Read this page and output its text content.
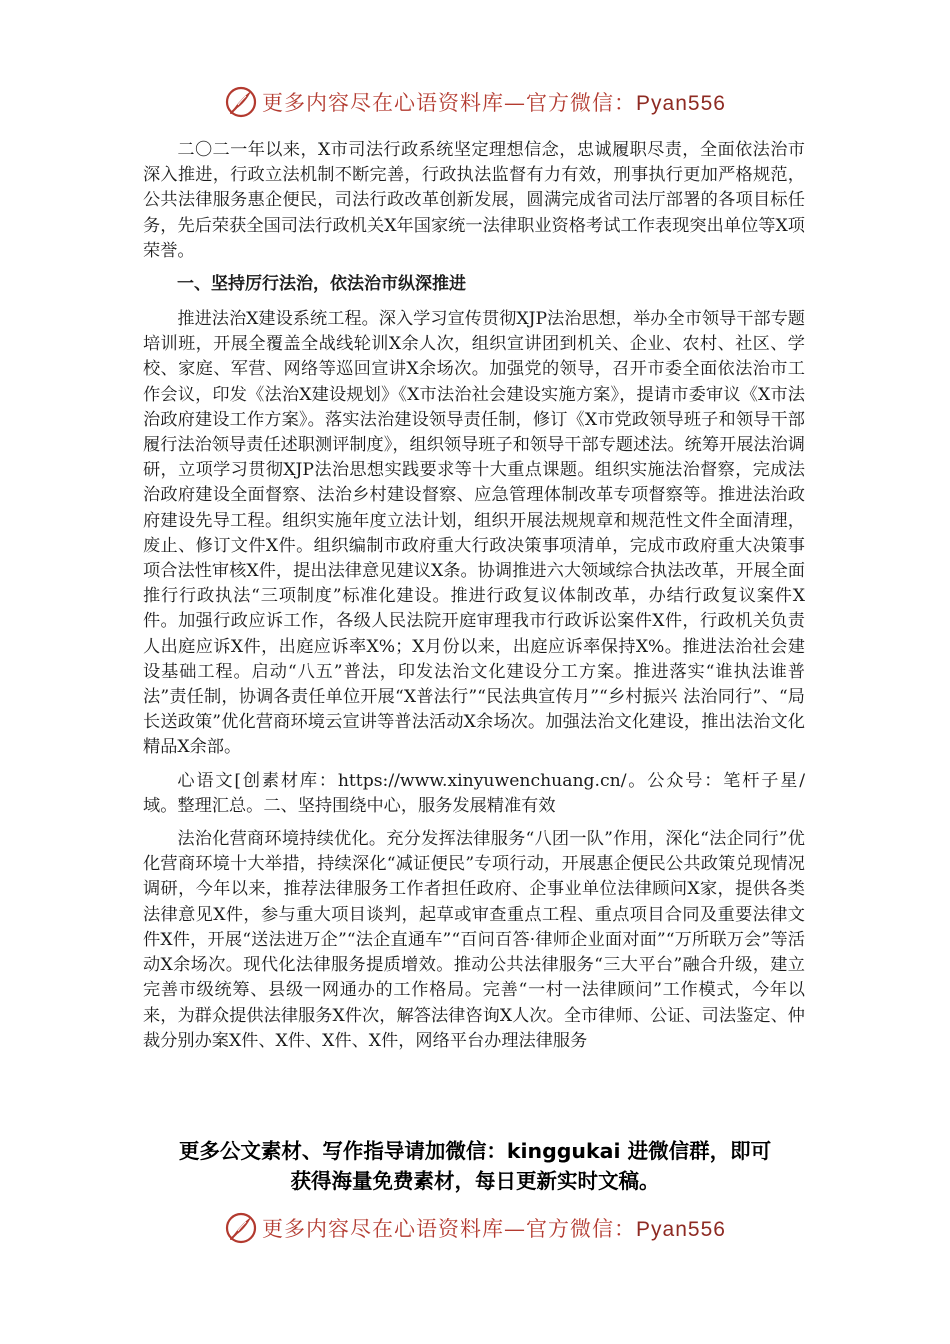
更多内容尽在心语资料库—官方微信：Pyan556

二〇二一年以来，X市司法行政系统坚定理想信念，忠诚履职尽责，全面依法治市深入推进，行政立法机制不断完善，行政执法监督有力有效，刑事执行更加严格规范，公共法律服务惠企便民，司法行政改革创新发展，圆满完成省司法厅部署的各项目标任务，先后荣获全国司法行政机关X年国家统一法律职业资格考试工作表现突出单位等X项荣誉。

一、坚持厉行法治，依法治市纵深推进

推进法治X建设系统工程。深入学习宣传贯彻XJP法治思想，举办全市领导干部专题培训班，开展全覆盖全战线轮训X余人次，组织宣讲团到机关、企业、农村、社区、学校、家庭、军营、网络等巡回宣讲X余场次。加强党的领导，召开市委全面依法治市工作会议，印发《法治X建设规划》《X市法治社会建设实施方案》，提请市委审议《X市法治政府建设工作方案》。落实法治建设领导责任制，修订《X市党政领导班子和领导干部履行法治领导责任述职测评制度》，组织领导班子和领导干部专题述法。统筹开展法治调研，立项学习贯彻XJP法治思想实践要求等十大重点课题。组织实施法治督察，完成法治政府建设全面督察、法治乡村建设督察、应急管理体制改革专项督察等。推进法治政府建设先导工程。组织实施年度立法计划，组织开展法规规章和规范性文件全面清理，废止、修订文件X件。组织编制市政府重大行政决策事项清单，完成市政府重大决策事项合法性审核X件，提出法律意见建议X条。协调推进六大领域综合执法改革，开展全面推行行政执法“三项制度”标准化建设。推进行政复议体制改革，办结行政复议案件X件。加强行政应诉工作，各级人民法院开庭审理我市行政诉讼案件X件，行政机关负责人出庭应诉X件，出庭应诉率X%；X月份以来，出庭应诉率保持X%。推进法治社会建设基础工程。启动“八五”普法，印发法治文化建设分工方案。推进落实“谁执法谁普法”责任制，协调各责任单位开展“X普法行”“民法典宣传月”“乡村振兴 法治同行”、“局长送政策”优化营商环境云宣讲等普法活动X余场次。加强法治文化建设，推出法治文化精品X余部。

心语文[创素材库：https://www.xinyuwenchuang.cn/。公众号：笔杆子星/域。整理汇总。二、坚持围绕中心，服务发展精准有效

法治化营商环境持续优化。充分发挥法律服务“八团一队”作用，深化“法企同行”优化营商环境十大举措，持续深化“减证便民”专项行动，开展惠企便民公共政策兑现情况调研，今年以来，推荐法律服务工作者担任政府、企事业单位法律顾问X家，提供各类法律意见X件，参与重大项目谈判，起草或审查重点工程、重点项目合同及重要法律文件X件，开展“送法进万企”“法企直通车”“百问百答·律师企业面对面”“万所联万会”等活动X余场次。现代化法律服务提质增效。推动公共法律服务“三大平台”融合升级，建立完善市级统筹、县级一网通办的工作格局。完善“一村一法律顾问”工作模式，今年以来，为群众提供法律服务X件次，解答法律咨询X人次。全市律师、公证、司法鉴定、仲裁分别办案X件、X件、X件、X件，网络平台办理法律服务

更多公文素材、写作指导请加微信：kinggukai 进微信群，即可
获得海量免费素材，每日更新实时文稿。
更多内容尽在心语资料库—官方微信：Pyan556
